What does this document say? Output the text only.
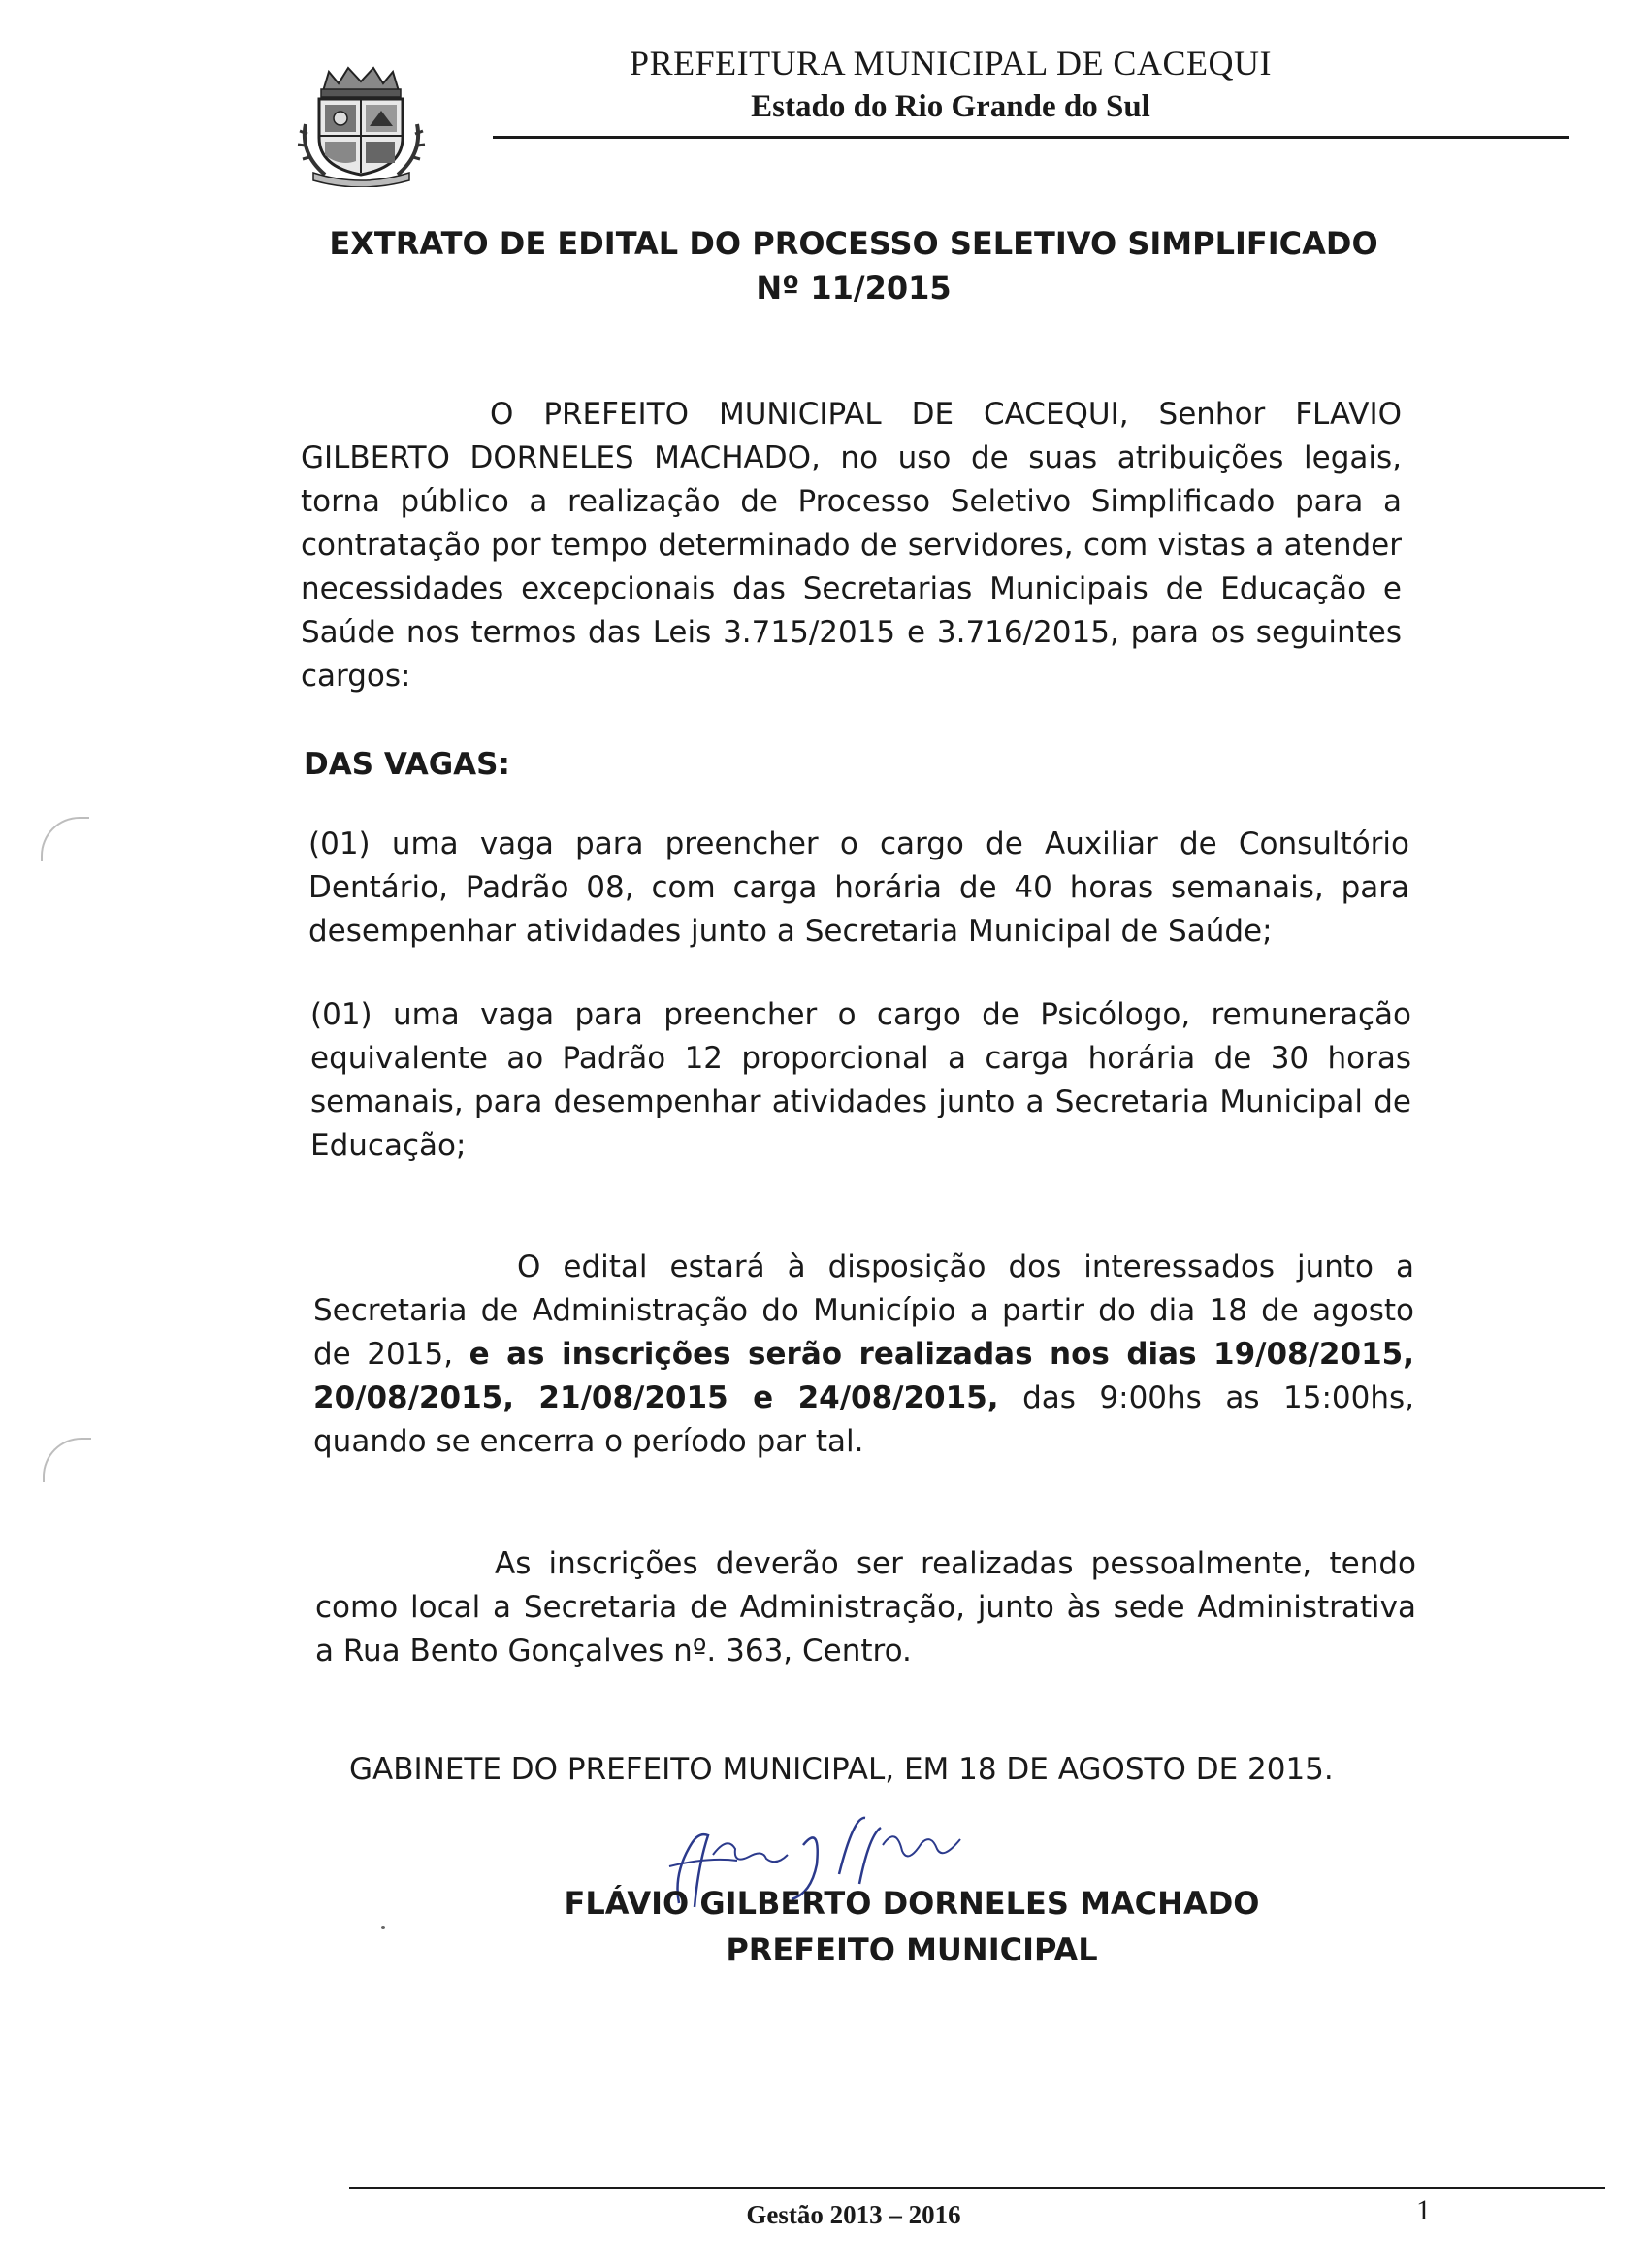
PREFEITURA MUNICIPAL DE CACEQUI
Estado do Rio Grande do Sul
EXTRATO DE EDITAL DO PROCESSO SELETIVO SIMPLIFICADO
Nº 11/2015
O PREFEITO MUNICIPAL DE CACEQUI, Senhor FLAVIO GILBERTO DORNELES MACHADO, no uso de suas atribuições legais, torna público a realização de Processo Seletivo Simplificado para a contratação por tempo determinado de servidores, com vistas a atender necessidades excepcionais das Secretarias Municipais de Educação e Saúde nos termos das Leis 3.715/2015 e 3.716/2015, para os seguintes cargos:
DAS VAGAS:
(01) uma vaga para preencher o cargo de Auxiliar de Consultório Dentário, Padrão 08, com carga horária de 40 horas semanais, para desempenhar atividades junto a Secretaria Municipal de Saúde;
(01) uma vaga para preencher o cargo de Psicólogo, remuneração equivalente ao Padrão 12 proporcional a carga horária de 30 horas semanais, para desempenhar atividades junto a Secretaria Municipal de Educação;
O edital estará à disposição dos interessados junto a Secretaria de Administração do Município a partir do dia 18 de agosto de 2015, e as inscrições serão realizadas nos dias 19/08/2015, 20/08/2015, 21/08/2015 e 24/08/2015, das 9:00hs as 15:00hs, quando se encerra o período par tal.
As inscrições deverão ser realizadas pessoalmente, tendo como local a Secretaria de Administração, junto às sede Administrativa a Rua Bento Gonçalves nº. 363, Centro.
GABINETE DO PREFEITO MUNICIPAL, EM 18 DE AGOSTO DE 2015.
FLÁVIO GILBERTO DORNELES MACHADO
PREFEITO MUNICIPAL
Gestão 2013 – 2016	1
